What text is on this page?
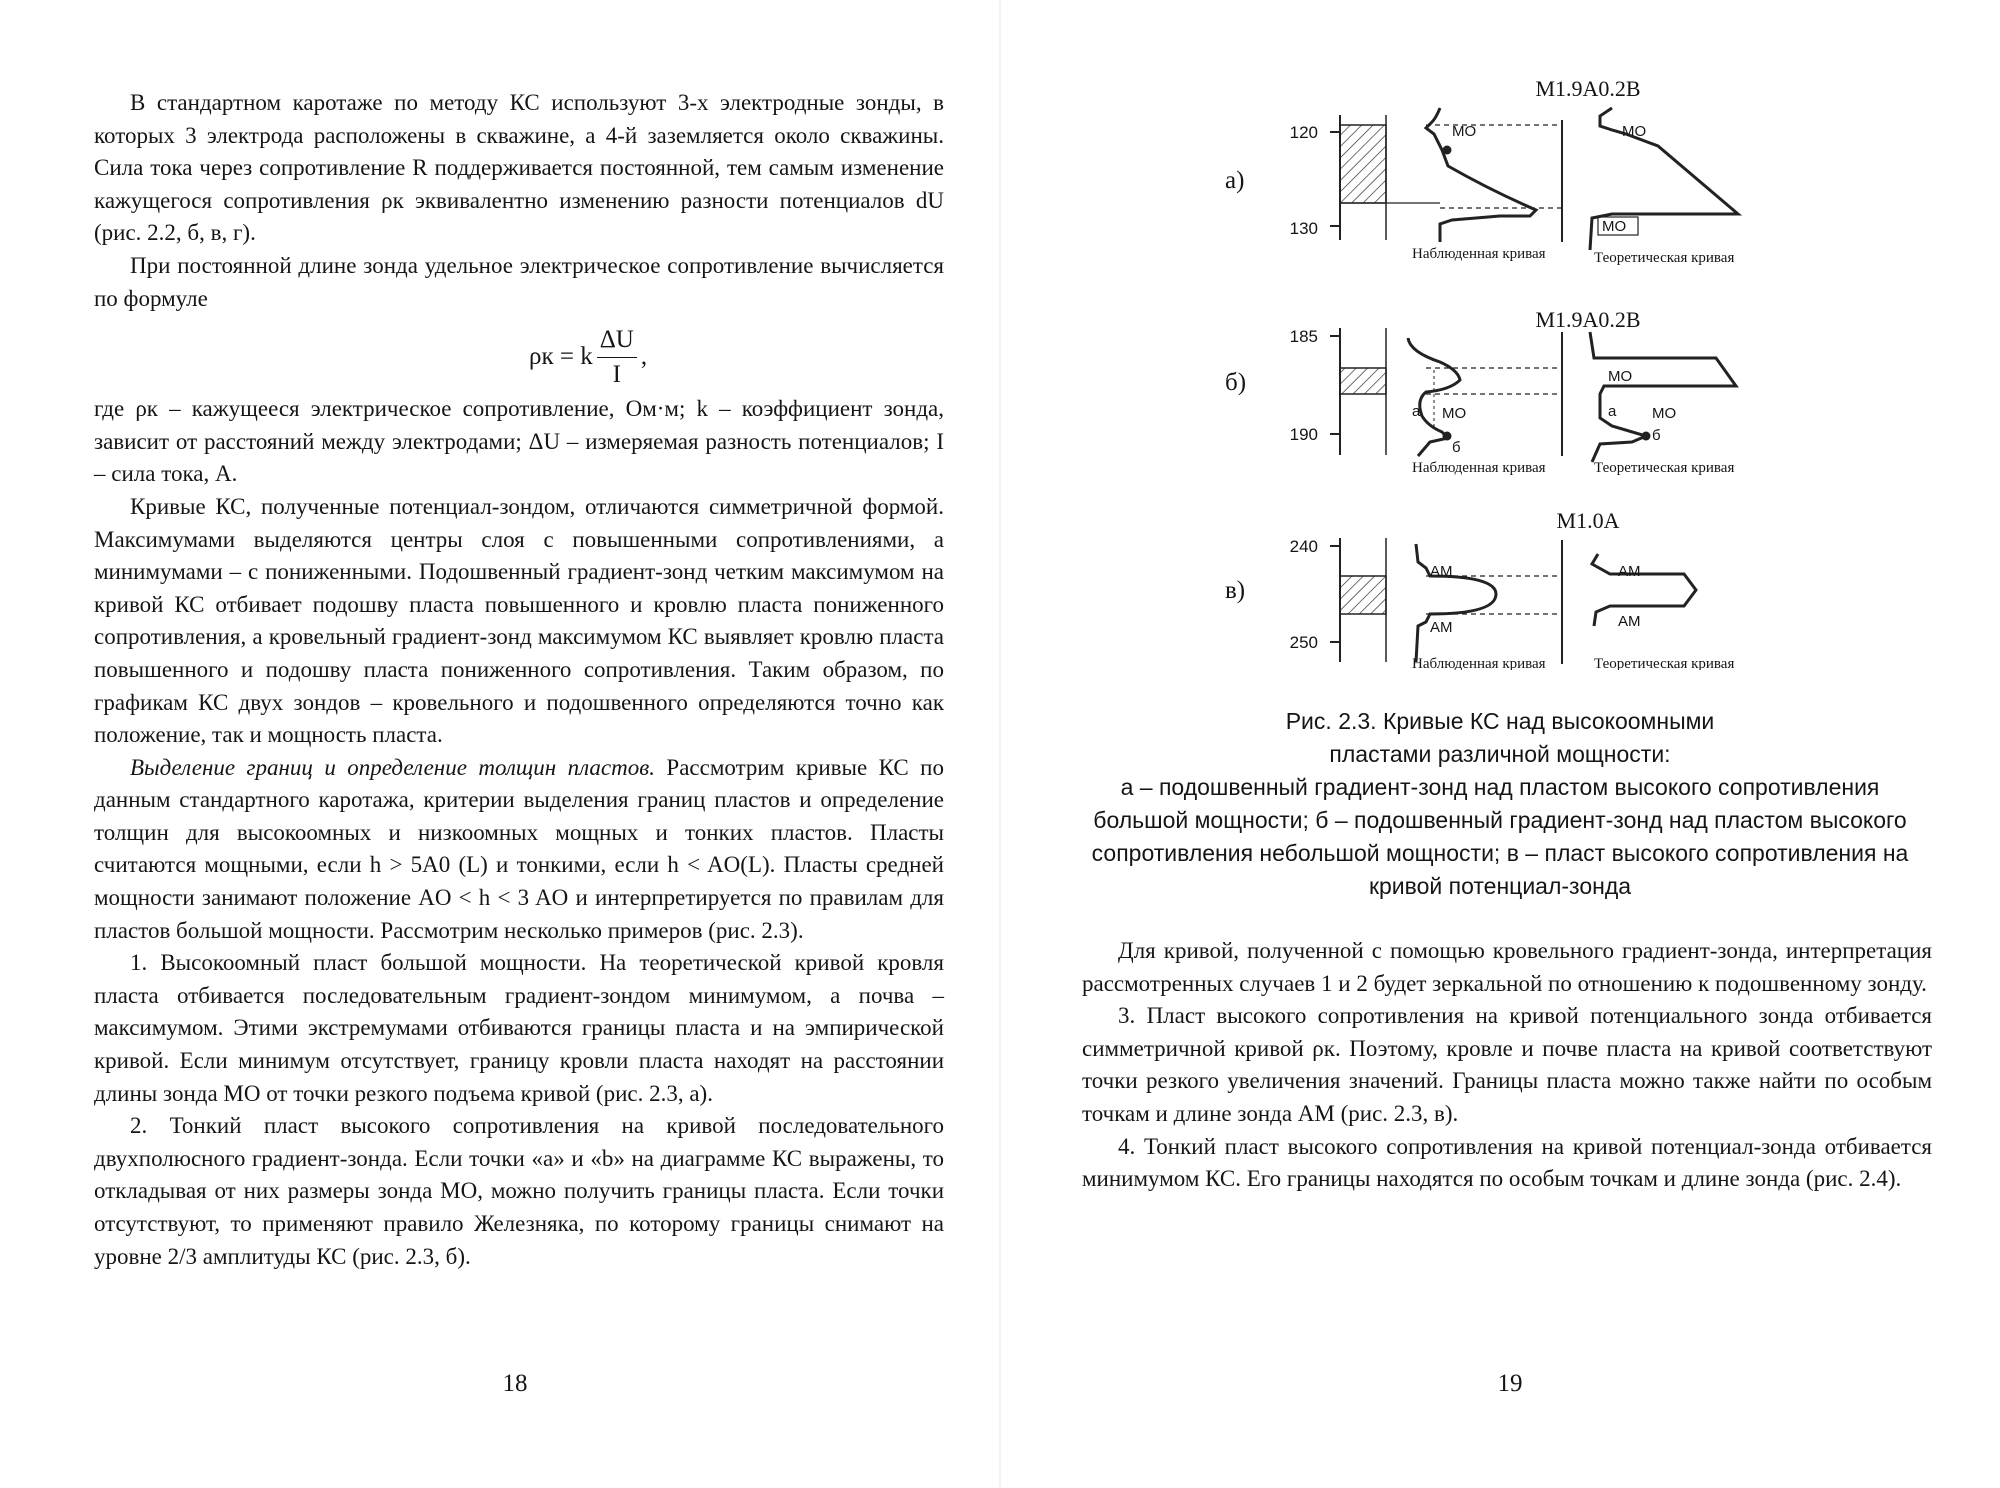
В стандартном каротаже по методу КС используют 3-х электродные зонды, в которых 3 электрода расположены в скважине, а 4-й заземляется около скважины. Сила тока через сопротивление R поддерживается постоянной, тем самым изменение кажущегося сопротивления ρк эквивалентно изменению разности потенциалов dU (рис. 2.2, б, в, г).

При постоянной длине зонда удельное электрическое сопротивление вычисляется по формуле

ρк = k $\frac{\Delta U}{I}$ ,

где ρк – кажущееся электрическое сопротивление, Ом·м; k – коэффициент зонда, зависит от расстояний между электродами; ΔU – измеряемая разность потенциалов; I – сила тока, А.

Кривые КС, полученные потенциал-зондом, отличаются симметричной формой. Максимумами выделяются центры слоя с повышенными сопротивлениями, а минимумами – с пониженными. Подошвенный градиент-зонд четким максимумом на кривой КС отбивает подошву пласта повышенного и кровлю пласта пониженного сопротивления, а кровельный градиент-зонд максимумом КС выявляет кровлю пласта повышенного и подошву пласта пониженного сопротивления. Таким образом, по графикам КС двух зондов – кровельного и подошвенного определяются точно как положение, так и мощность пласта.

Выделение границ и определение толщин пластов. Рассмотрим кривые КС по данным стандартного каротажа, критерии выделения границ пластов и определение толщин для высокоомных и низкоомных мощных и тонких пластов. Пласты считаются мощными, если h > 5A0 (L) и тонкими, если h < AO(L). Пласты средней мощности занимают положение AO < h < 3 AO и интерпретируется по правилам для пластов большой мощности. Рассмотрим несколько примеров (рис. 2.3).

1. Высокоомный пласт большой мощности. На теоретической кривой кровля пласта отбивается последовательным градиент-зондом минимумом, а почва – максимумом. Этими экстремумами отбиваются границы пласта и на эмпирической кривой. Если минимум отсутствует, границу кровли пласта находят на расстоянии длины зонда МО от точки резкого подъема кривой (рис. 2.3, а).

2. Тонкий пласт высокого сопротивления на кривой последовательного двухполюсного градиент-зонда. Если точки «а» и «b» на диаграмме КС выражены, то откладывая от них размеры зонда МО, можно получить границы пласта. Если точки отсутствуют, то применяют правило Железняка, по которому границы снимают на уровне 2/3 амплитуды КС (рис. 2.3, б).

18
M1.9A0.2B
а)
120
130
МО
Наблюденная кривая
МО
МО
Теоретическая кривая
M1.9A0.2B
б)
185
190
а МО
б
Наблюденная кривая
МО
а МО
б
Теоретическая кривая
M1.0A
в)
240
250
АМ
АМ
Наблюденная кривая
АМ
АМ
Теоретическая кривая
Рис. 2.3. Кривые КС над высокоомными
пластами различной мощности:
а – подошвенный градиент-зонд над пластом высокого сопротивления
большой мощности; б – подошвенный градиент-зонд над пластом высокого
сопротивления небольшой мощности; в – пласт высокого сопротивления на
кривой потенциал-зонда

Для кривой, полученной с помощью кровельного градиент-зонда, интерпретация рассмотренных случаев 1 и 2 будет зеркальной по отношению к подошвенному зонду.

3. Пласт высокого сопротивления на кривой потенциального зонда отбивается симметричной кривой ρк. Поэтому, кровле и почве пласта на кривой соответствуют точки резкого увеличения значений. Границы пласта можно также найти по особым точкам и длине зонда АМ (рис. 2.3, в).

4. Тонкий пласт высокого сопротивления на кривой потенциал-зонда отбивается минимумом КС. Его границы находятся по особым точкам и длине зонда (рис. 2.4).

19
